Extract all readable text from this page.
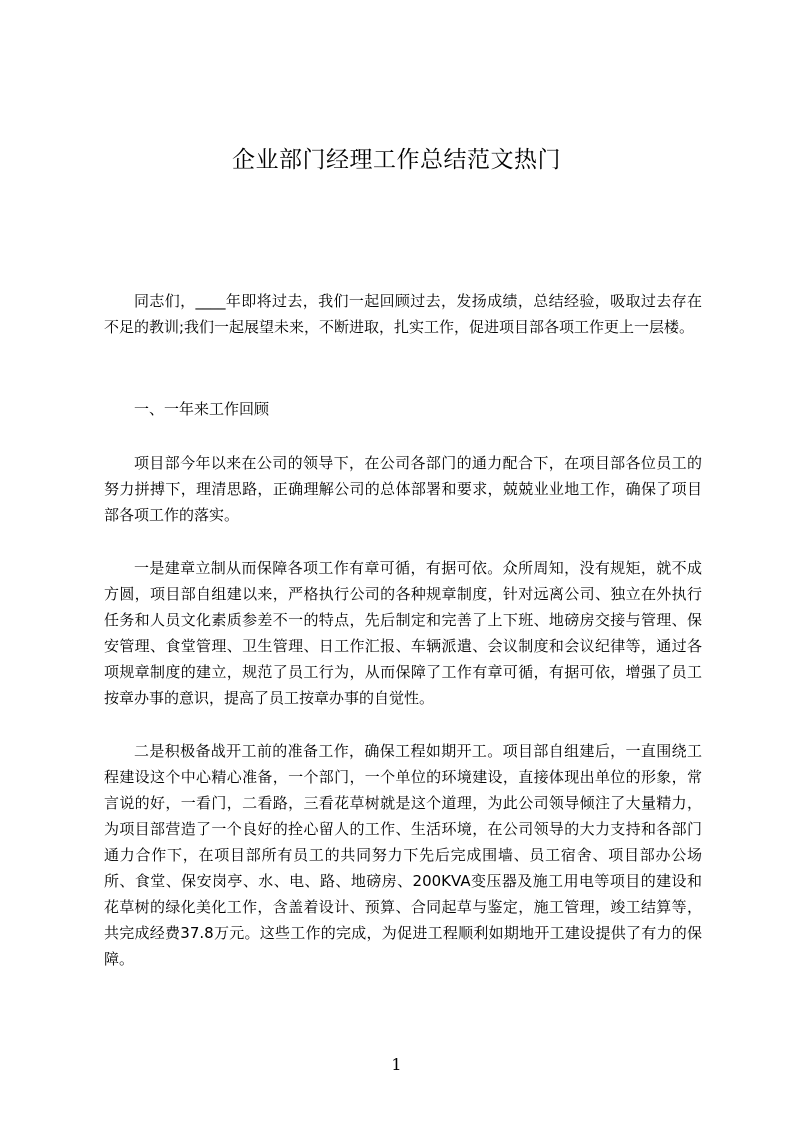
企业部门经理工作总结范文热门

同志们，____年即将过去，我们一起回顾过去，发扬成绩，总结经验，吸取过去存在不足的教训;我们一起展望未来，不断进取，扎实工作，促进项目部各项工作更上一层楼。

一、一年来工作回顾

项目部今年以来在公司的领导下，在公司各部门的通力配合下，在项目部各位员工的努力拼搏下，理清思路，正确理解公司的总体部署和要求，兢兢业业地工作，确保了项目部各项工作的落实。

一是建章立制从而保障各项工作有章可循，有据可依。众所周知，没有规矩，就不成方圆，项目部自组建以来，严格执行公司的各种规章制度，针对远离公司、独立在外执行任务和人员文化素质参差不一的特点，先后制定和完善了上下班、地磅房交接与管理、保安管理、食堂管理、卫生管理、日工作汇报、车辆派遣、会议制度和会议纪律等，通过各项规章制度的建立，规范了员工行为，从而保障了工作有章可循，有据可依，增强了员工按章办事的意识，提高了员工按章办事的自觉性。

二是积极备战开工前的准备工作，确保工程如期开工。项目部自组建后，一直围绕工程建设这个中心精心准备，一个部门，一个单位的环境建设，直接体现出单位的形象，常言说的好，一看门，二看路，三看花草树就是这个道理，为此公司领导倾注了大量精力，为项目部营造了一个良好的拴心留人的工作、生活环境，在公司领导的大力支持和各部门通力合作下，在项目部所有员工的共同努力下先后完成围墙、员工宿舍、项目部办公场所、食堂、保安岗亭、水、电、路、地磅房、200KVA变压器及施工用电等项目的建设和花草树的绿化美化工作，含盖着设计、预算、合同起草与鉴定，施工管理，竣工结算等，共完成经费37.8万元。这些工作的完成，为促进工程顺利如期地开工建设提供了有力的保障。

1
